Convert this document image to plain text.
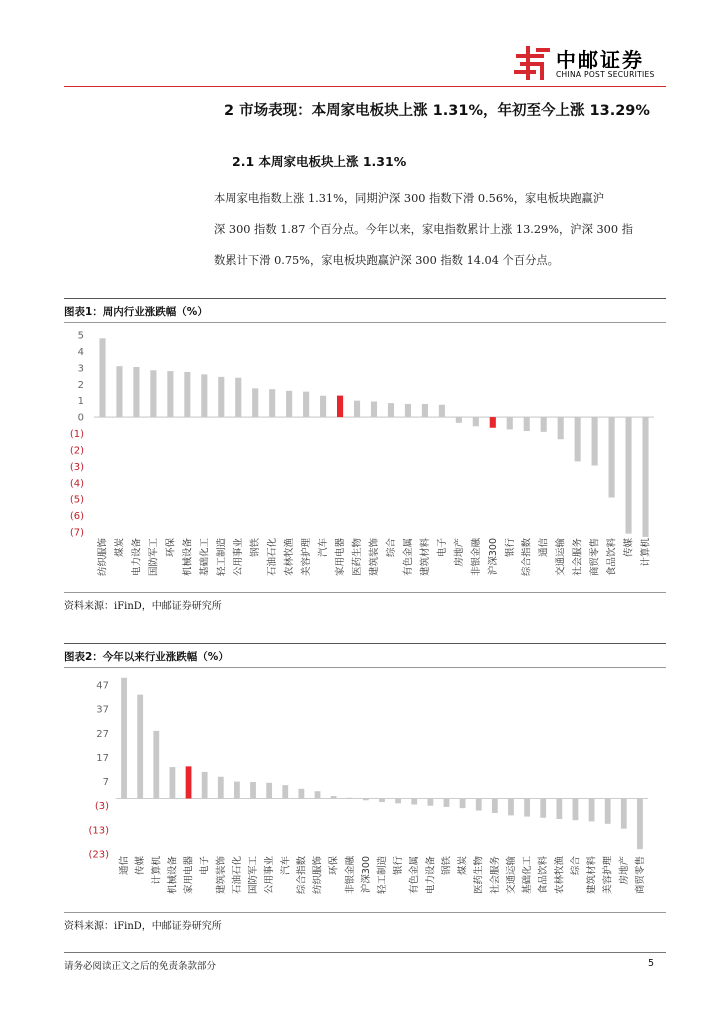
中邮证券
CHINA POST SECURITIES
2 市场表现：本周家电板块上涨 1.31%，年初至今上涨 13.29%
2.1 本周家电板块上涨 1.31%
本周家电指数上涨 1.31%，同期沪深 300 指数下滑 0.56%，家电板块跑赢沪
深 300 指数 1.87 个百分点。今年以来，家电指数累计上涨 13.29%，沪深 300 指
数累计下滑 0.75%，家电板块跑赢沪深 300 指数 14.04 个百分点。
图表1：周内行业涨跌幅（%）
5
4
3
2
1
0
(1)
(2)
(3)
(4)
(5)
(6)
(7)
纺织服饰 煤炭 电力设备 国防军工 环保 机械设备 基础化工 轻工制造 公用事业 钢铁 石油石化 农林牧渔 美容护理 汽车 家用电器 医药生物 建筑装饰 综合 有色金属 建筑材料 电子 房地产 非银金融 沪深300 银行 综合指数 通信 交通运输 社会服务 商贸零售 食品饮料 传媒 计算机
资料来源：iFinD，中邮证券研究所
图表2：今年以来行业涨跌幅（%）
47
37
27
17
7
(3)
(13)
(23)
通信 传媒 计算机 机械设备 家用电器 电子 建筑装饰 石油石化 国防军工 公用事业 汽车 综合指数 纺织服饰 环保 非银金融 沪深300 轻工制造 银行 有色金属 电力设备 钢铁 煤炭 医药生物 社会服务 交通运输 基础化工 食品饮料 农林牧渔 综合 建筑材料 美容护理 房地产 商贸零售
资料来源：iFinD，中邮证券研究所
请务必阅读正文之后的免责条款部分	5
